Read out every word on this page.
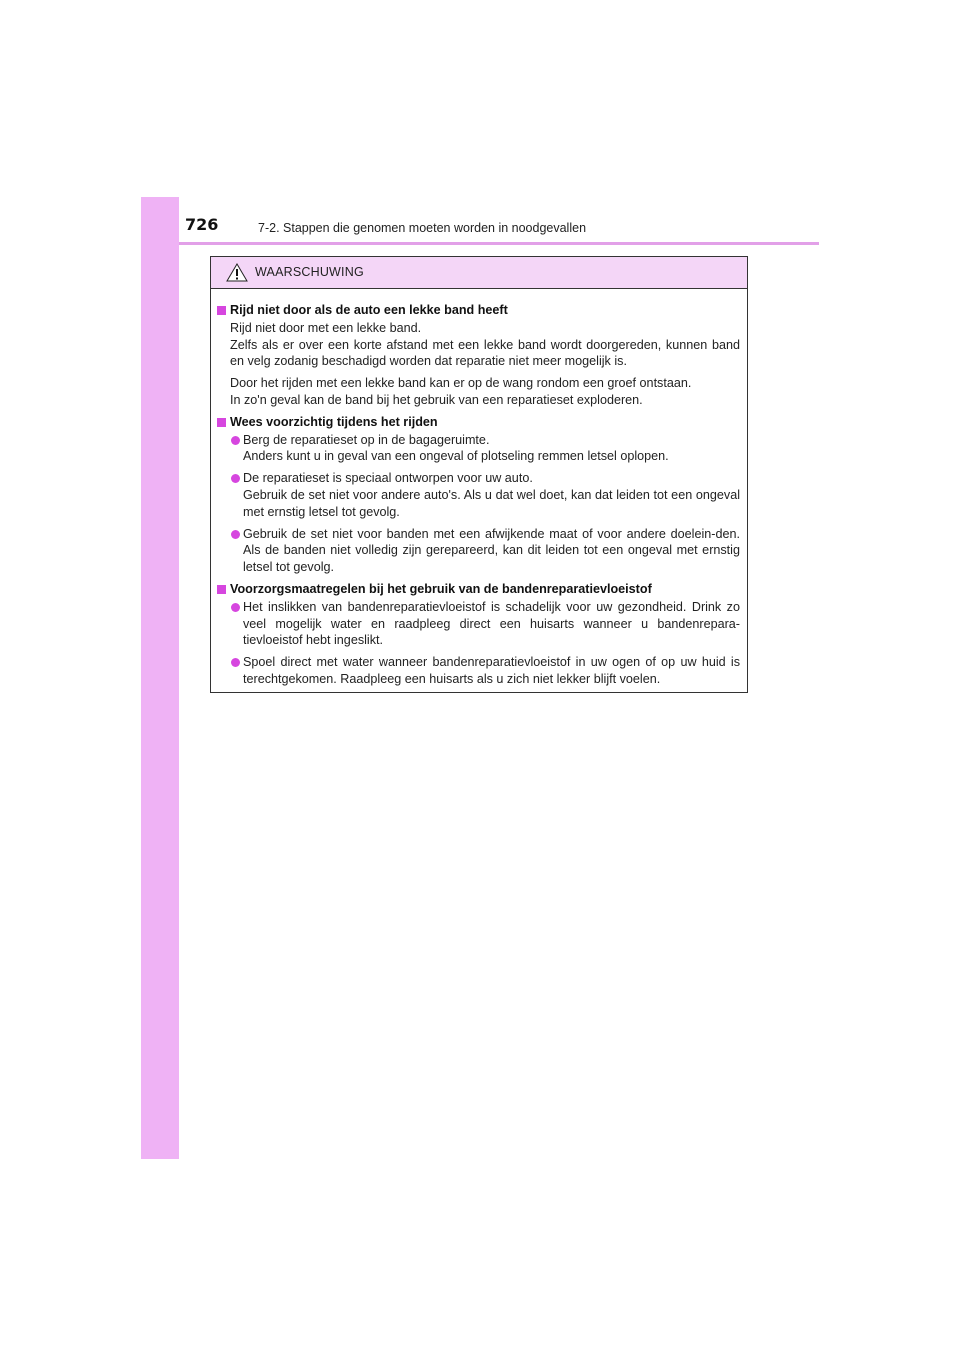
726	7-2. Stappen die genomen moeten worden in noodgevallen
WAARSCHUWING
Rijd niet door als de auto een lekke band heeft
Rijd niet door met een lekke band.
Zelfs als er over een korte afstand met een lekke band wordt doorgereden, kunnen band en velg zodanig beschadigd worden dat reparatie niet meer mogelijk is.
Door het rijden met een lekke band kan er op de wang rondom een groef ontstaan.
In zo'n geval kan de band bij het gebruik van een reparatieset exploderen.
Wees voorzichtig tijdens het rijden
Berg de reparatieset op in de bagageruimte.
Anders kunt u in geval van een ongeval of plotseling remmen letsel oplopen.
De reparatieset is speciaal ontworpen voor uw auto.
Gebruik de set niet voor andere auto's. Als u dat wel doet, kan dat leiden tot een ongeval met ernstig letsel tot gevolg.
Gebruik de set niet voor banden met een afwijkende maat of voor andere doelein-den. Als de banden niet volledig zijn gerepareerd, kan dit leiden tot een ongeval met ernstig letsel tot gevolg.
Voorzorgsmaatregelen bij het gebruik van de bandenreparatievloeistof
Het inslikken van bandenreparatievloeistof is schadelijk voor uw gezondheid. Drink zo veel mogelijk water en raadpleeg direct een huisarts wanneer u bandenrepara-tievloeistof hebt ingeslikt.
Spoel direct met water wanneer bandenreparatievloeistof in uw ogen of op uw huid is terechtgekomen. Raadpleeg een huisarts als u zich niet lekker blijft voelen.
